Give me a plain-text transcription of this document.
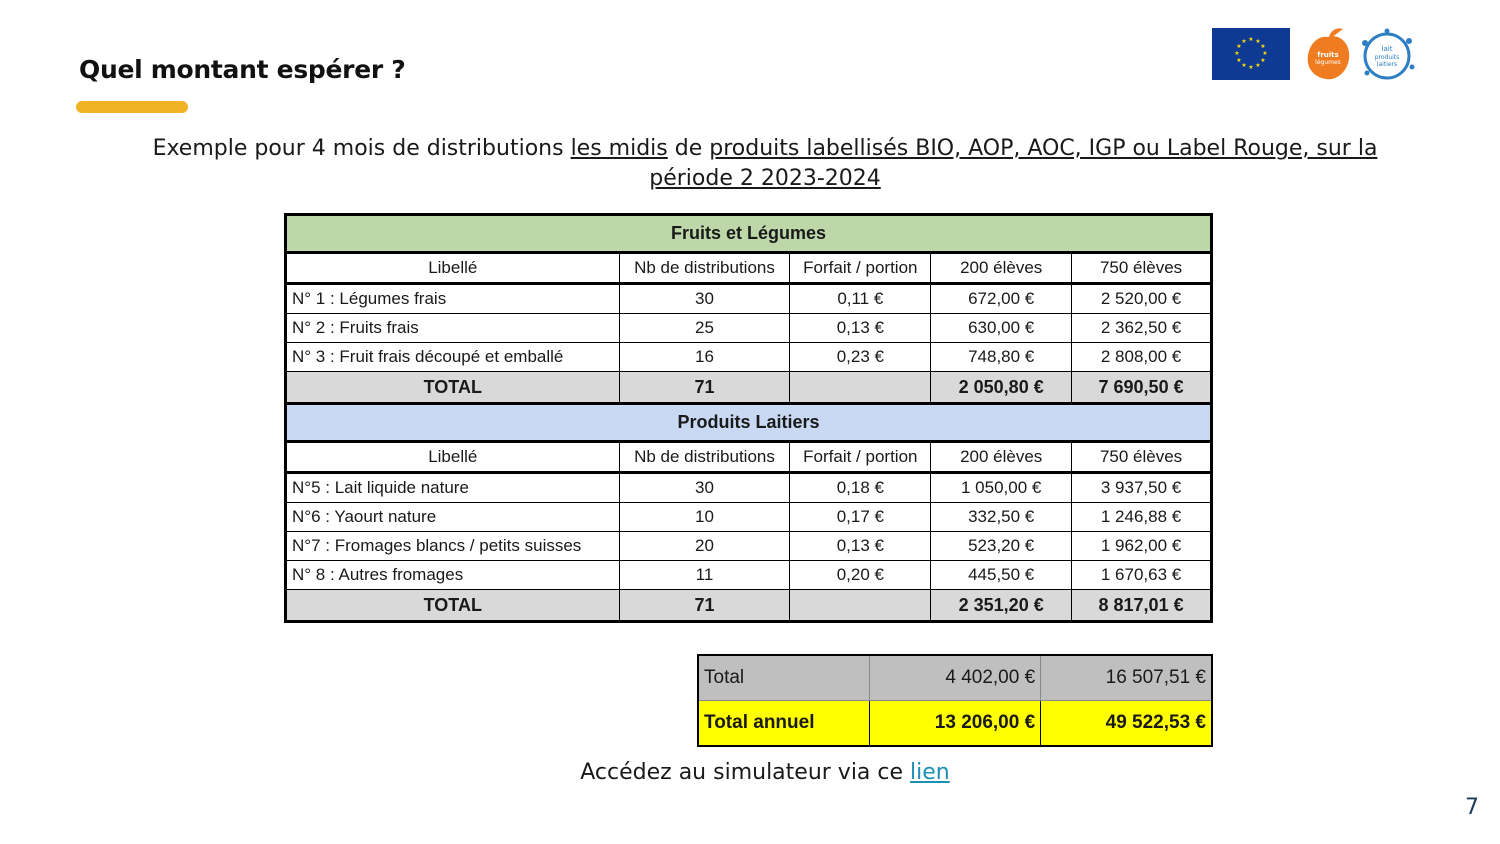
Quel montant espérer ?
★ ★
★
★
★
★
★
★
★
★
★
★
fruits
légumes
lait
produits
laitiers
Exemple pour 4 mois de distributions les midis de produits labellisés BIO, AOP, AOC, IGP ou Label Rouge, sur la période 2 2023-2024
Fruits et Légumes				
Libellé	Nb de distributions	Forfait / portion	200 élèves	750 élèves
N° 1 : Légumes frais	30	0,11 €	672,00 €	2 520,00 €
N° 2 : Fruits frais	25	0,13 €	630,00 €	2 362,50 €
N° 3 : Fruit frais découpé et emballé	16	0,23 €	748,80 €	2 808,00 €
TOTAL	71		2 050,80 €	7 690,50 €
Produits Laitiers				
Libellé	Nb de distributions	Forfait / portion	200 élèves	750 élèves
N°5 : Lait liquide nature	30	0,18 €	1 050,00 €	3 937,50 €
N°6 : Yaourt nature	10	0,17 €	332,50 €	1 246,88 €
N°7 : Fromages blancs / petits suisses	20	0,13 €	523,20 €	1 962,00 €
N° 8 : Autres fromages	11	0,20 €	445,50 €	1 670,63 €
TOTAL	71		2 351,20 €	8 817,01 €
Total	4 402,00 €	16 507,51 €
Total annuel	13 206,00 €	49 522,53 €
Accédez au simulateur via ce lien
7
